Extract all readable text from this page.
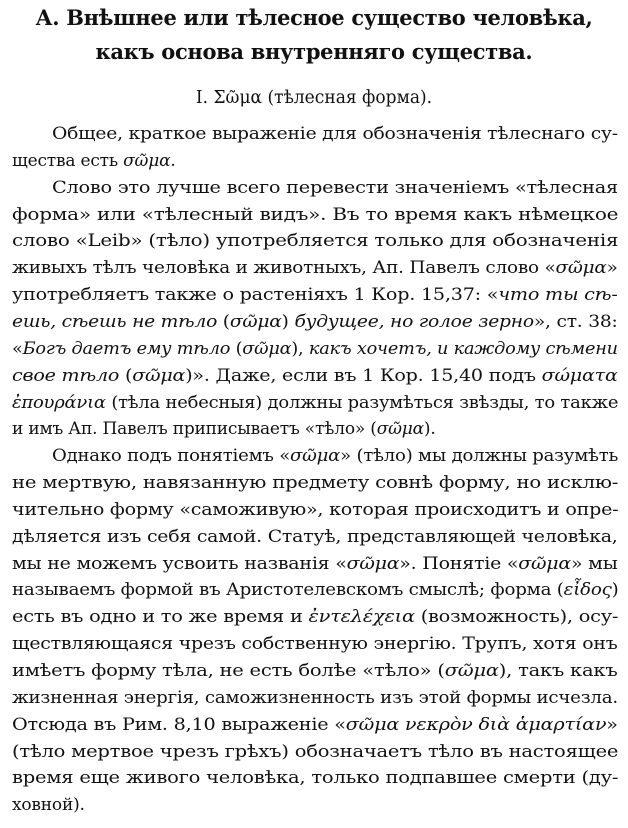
А. Внѣшнее или тѣлесное существо человѣка,
какъ основа внутренняго существа.
I. Σῶμα (тѣлесная форма).
Общее, краткое выраженіе для обозначенія тѣлеснаго су-
щества есть σῶμα.
Слово это лучше всего перевести значеніемъ «тѣлесная
форма» или «тѣлесный видъ». Въ то время какъ нѣмецкое
слово «Leib» (тѣло) употребляется только для обозначенія
живыхъ тѣлъ человѣка и животныхъ, Ап. Павелъ слово «σῶμα»
употребляетъ также о растеніяхъ 1 Кор. 15,37: «что ты сѣ-
ешь, сѣешь не тѣло (σῶμα) будущее, но голое зерно», ст. 38:
«Богъ даетъ ему тѣло (σῶμα), какъ хочетъ, и каждому сѣмени
свое тѣло (σῶμα)». Даже, если въ 1 Кор. 15,40 подъ σώματα
ἐπουράνια (тѣла небесныя) должны разумѣться звѣзды, то также
и имъ Ап. Павелъ приписываетъ «тѣло» (σῶμα).
Однако подъ понятіемъ «σῶμα» (тѣло) мы должны разумѣть
не мертвую, навязанную предмету совнѣ форму, но исклю-
чительно форму «саможивую», которая происходитъ и опре-
дѣляется изъ себя самой. Статуѣ, представляющей человѣка,
мы не можемъ усвоить названія «σῶμα». Понятіе «σῶμα» мы
называемъ формой въ Аристотелевскомъ смыслѣ; форма (εἶδος)
есть въ одно и то же время и ἐντελέχεια (возможность), осу-
ществляющаяся чрезъ собственную энергію. Трупъ, хотя онъ
имѣетъ форму тѣла, не есть болѣе «тѣло» (σῶμα), такъ какъ
жизненная энергія, саможизненность изъ этой формы исчезла.
Отсюда въ Рим. 8,10 выраженіе «σῶμα νεκρὸν διὰ ἁμαρτίαν»
(тѣло мертвое чрезъ грѣхъ) обозначаетъ тѣло въ настоящее
время еще живого человѣка, только подпавшее смерти (ду-
ховной).
